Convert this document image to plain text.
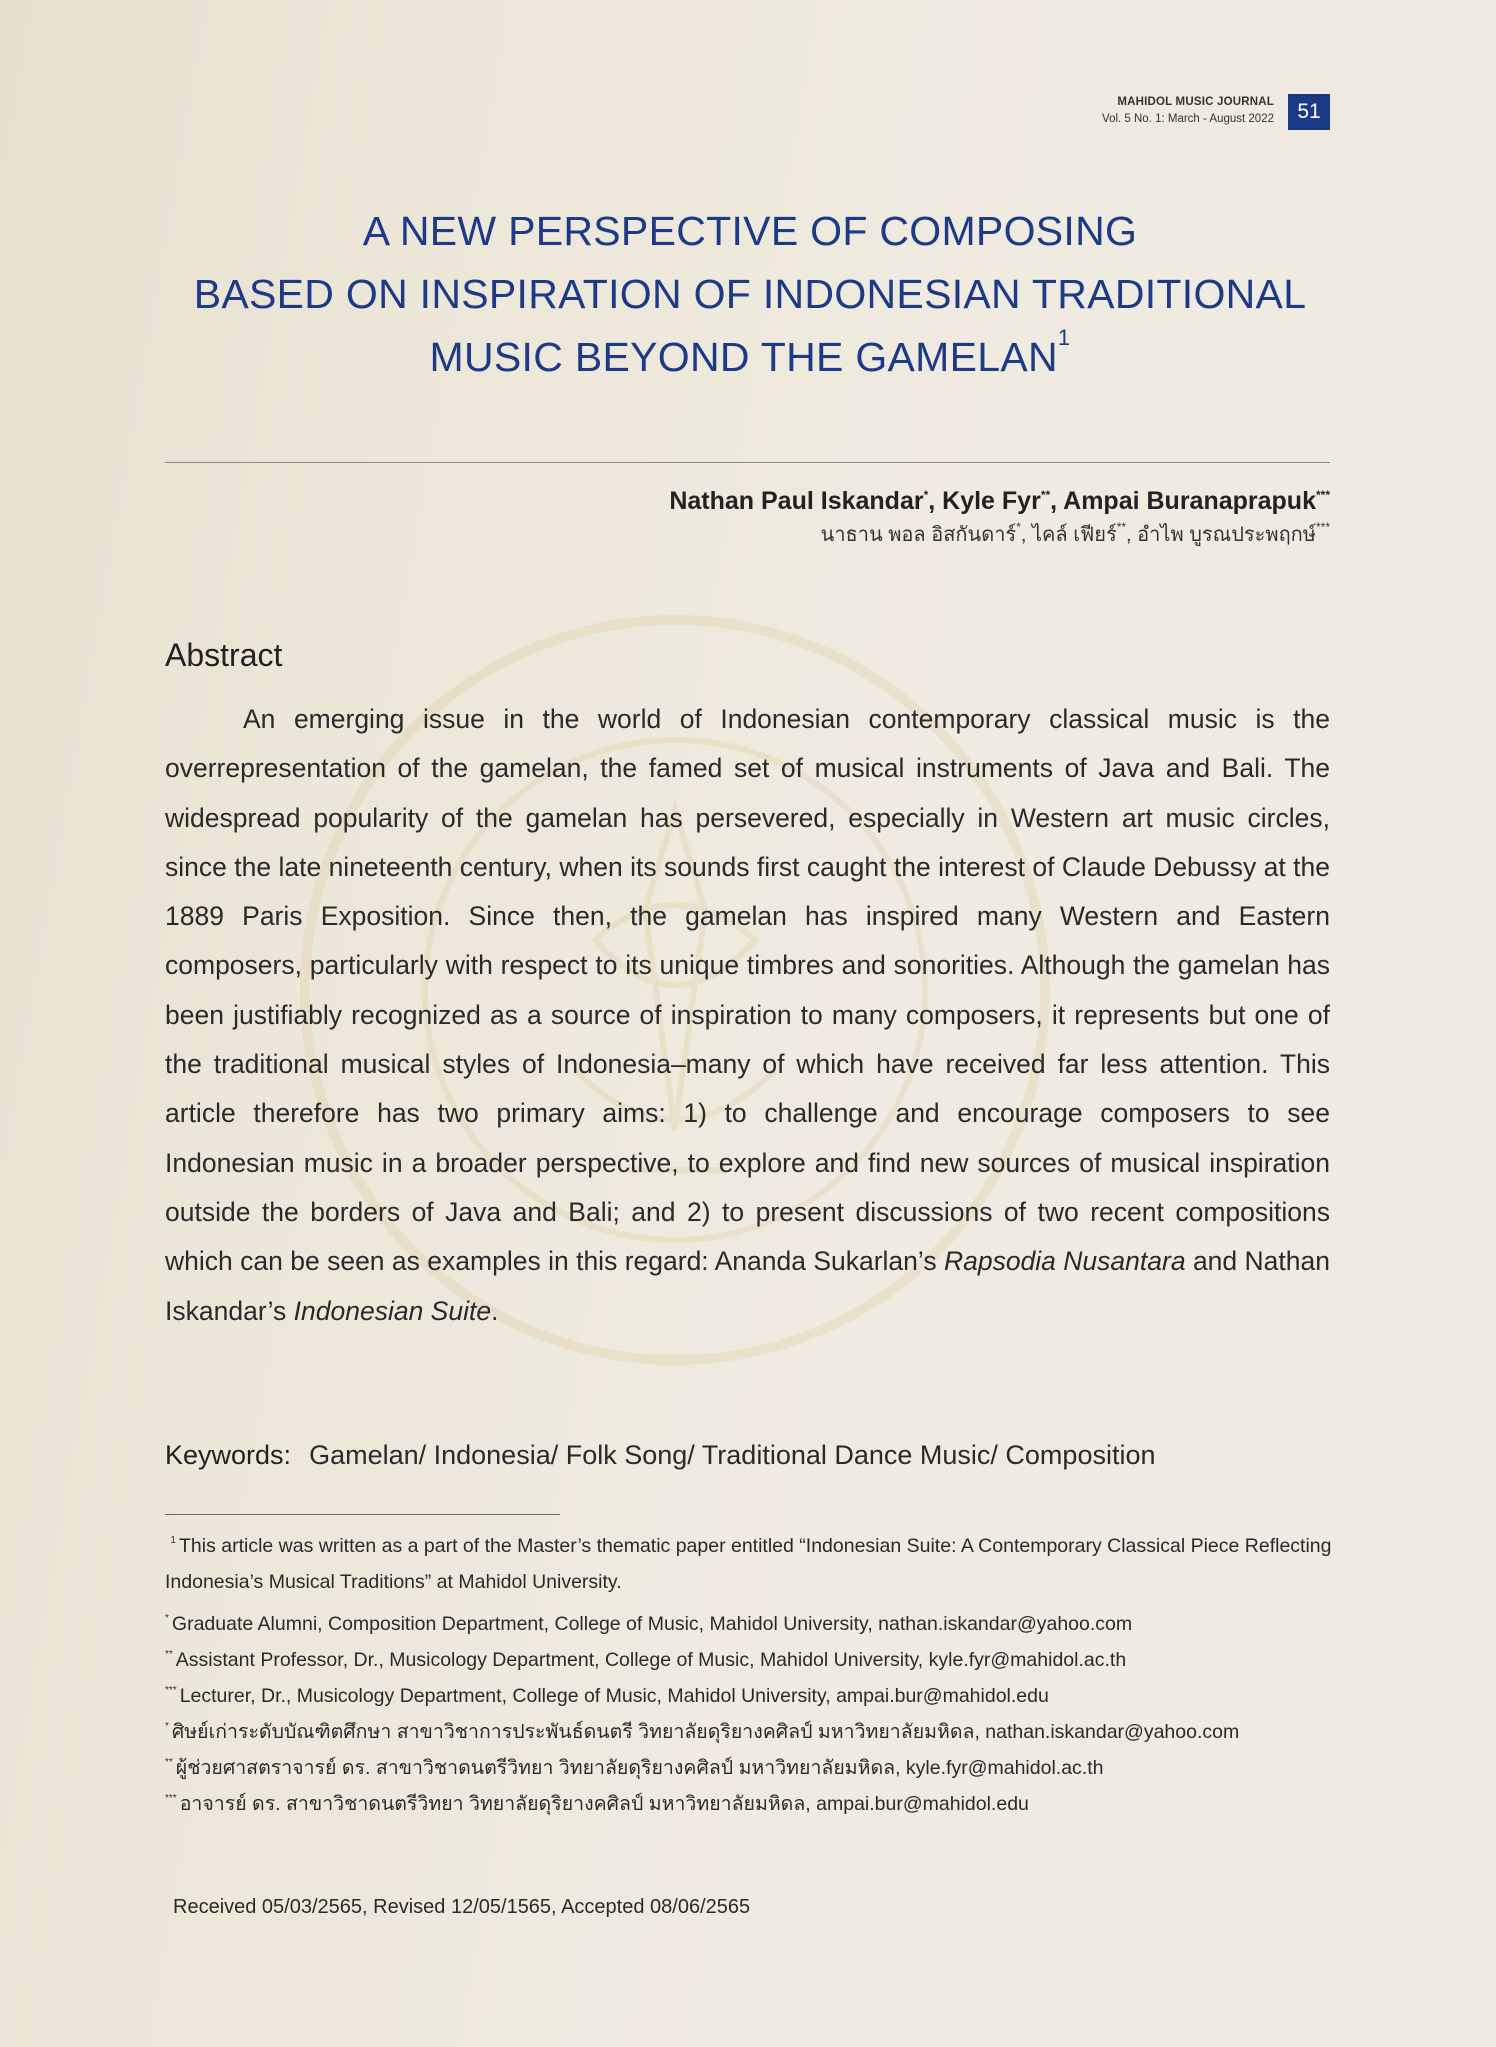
MAHIDOL MUSIC JOURNAL
Vol. 5 No. 1: March - August 2022	51
A NEW PERSPECTIVE OF COMPOSING
BASED ON INSPIRATION OF INDONESIAN TRADITIONAL
MUSIC BEYOND THE GAMELAN$^1$
Nathan Paul Iskandar*, Kyle Fyr**, Ampai Buranaprapuk***
นาธาน พอล อิสกันดาร์*, ไคล์ เฟียร์**, อำไพ บูรณประพฤกษ์***
Abstract
An emerging issue in the world of Indonesian contemporary classical music is the overrepresentation of the gamelan, the famed set of musical instruments of Java and Bali. The widespread popularity of the gamelan has persevered, especially in Western art music circles, since the late nineteenth century, when its sounds first caught the interest of Claude Debussy at the 1889 Paris Exposition. Since then, the gamelan has inspired many Western and Eastern composers, particularly with respect to its unique timbres and sonorities. Although the gamelan has been justifiably recognized as a source of inspiration to many composers, it represents but one of the traditional musical styles of Indonesia–many of which have received far less attention. This article therefore has two primary aims: 1) to challenge and encourage composers to see Indonesian music in a broader perspective, to explore and find new sources of musical inspiration outside the borders of Java and Bali; and 2) to present discussions of two recent compositions which can be seen as examples in this regard: Ananda Sukarlan’s Rapsodia Nusantara and Nathan Iskandar’s Indonesian Suite.
Keywords: Gamelan/ Indonesia/ Folk Song/ Traditional Dance Music/ Composition
$^1$ This article was written as a part of the Master’s thematic paper entitled “Indonesian Suite: A Contemporary Classical Piece Reflecting Indonesia’s Musical Traditions” at Mahidol University.
* Graduate Alumni, Composition Department, College of Music, Mahidol University, nathan.iskandar@yahoo.com
** Assistant Professor, Dr., Musicology Department, College of Music, Mahidol University, kyle.fyr@mahidol.ac.th
*** Lecturer, Dr., Musicology Department, College of Music, Mahidol University, ampai.bur@mahidol.edu
* ศิษย์เก่าระดับบัณฑิตศึกษา สาขาวิชาการประพันธ์ดนตรี วิทยาลัยดุริยางคศิลป์ มหาวิทยาลัยมหิดล, nathan.iskandar@yahoo.com
** ผู้ช่วยศาสตราจารย์ ดร. สาขาวิชาดนตรีวิทยา วิทยาลัยดุริยางคศิลป์ มหาวิทยาลัยมหิดล, kyle.fyr@mahidol.ac.th
*** อาจารย์ ดร. สาขาวิชาดนตรีวิทยา วิทยาลัยดุริยางคศิลป์ มหาวิทยาลัยมหิดล, ampai.bur@mahidol.edu
Received 05/03/2565, Revised 12/05/1565, Accepted 08/06/2565
